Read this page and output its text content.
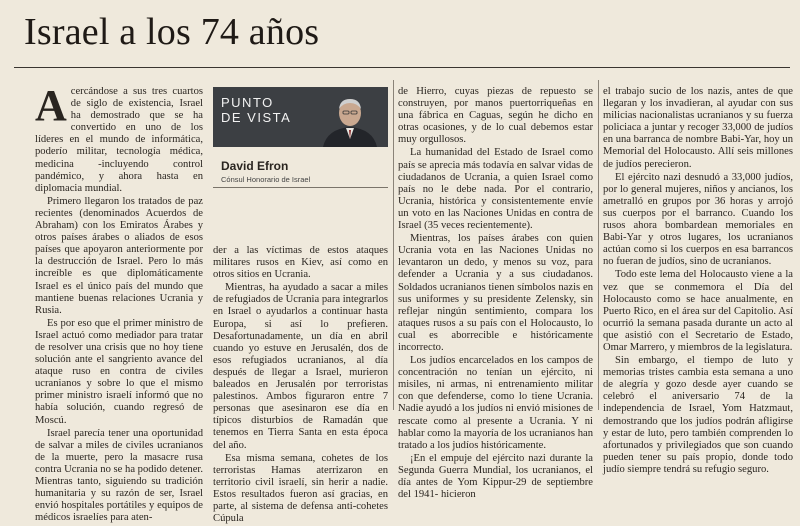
Israel a los 74 años

Acercándose a sus tres cuartos de siglo de existencia, Israel ha demostrado que se ha convertido en uno de los líderes en el mundo de informática, poderío militar, tecnología médica, medicina -incluyendo control pandémico, y ahora hasta en diplomacia mundial.

Primero llegaron los tratados de paz recientes (denominados Acuerdos de Abraham) con los Emiratos Árabes y otros países árabes o aliados de esos países que apoyaron anteriormente por la destrucción de Israel. Pero lo más increíble es que diplomáticamente Israel es el único país del mundo que mantiene buenas relaciones Ucrania y Rusia.

Es por eso que el primer ministro de Israel actuó como mediador para tratar de resolver una crisis que no hoy tiene solución ante el sangriento avance del ataque ruso en contra de civiles ucranianos y sobre lo que el mismo primer ministro israelí informó que no había solución, cuando regresó de Moscú.

Israel parecía tener una oportunidad de salvar a miles de civiles ucranianos de la muerte, pero la masacre rusa contra Ucrania no se ha podido detener. Mientras tanto, siguiendo su tradición humanitaria y su razón de ser, Israel envió hospitales portátiles y equipos de médicos israelíes para aten-

PUNTO
DE VISTA
David Efron
Cónsul Honorario de Israel

der a las víctimas de estos ataques militares rusos en Kiev, así como en otros sitios en Ucrania.

Mientras, ha ayudado a sacar a miles de refugiados de Ucrania para integrarlos en Israel o ayudarlos a continuar hasta Europa, si así lo prefieren. Desafortunadamente, un día en abril cuando yo estuve en Jerusalén, dos de esos refugiados ucranianos, al día después de llegar a Israel, murieron baleados en Jerusalén por terroristas palestinos. Ambos figuraron entre 7 personas que asesinaron ese día en típicos disturbios de Ramadán que tenemos en Tierra Santa en esta época del año.

Esa misma semana, cohetes de los terroristas Hamas aterrizaron en territorio civil israelí, sin herir a nadie. Estos resultados fueron así gracias, en parte, al sistema de defensa anti-cohetes Cúpula

de Hierro, cuyas piezas de repuesto se construyen, por manos puertorriqueñas en una fábrica en Caguas, según he dicho en otras ocasiones, y de lo cual debemos estar muy orgullosos.

La humanidad del Estado de Israel como país se aprecia más todavía en salvar vidas de ciudadanos de Ucrania, a quien Israel como país no le debe nada. Por el contrario, Ucrania, histórica y consistentemente envíe un voto en las Naciones Unidas en contra de Israel (35 veces recientemente).

Mientras, los países árabes con quien Ucrania vota en las Naciones Unidas no levantaron un dedo, y menos su voz, para defender a Ucrania y a sus ciudadanos. Soldados ucranianos tienen símbolos nazis en sus uniformes y su presidente Zelensky, sin reflejar ningún sentimiento, compara los ataques rusos a su país con el Holocausto, lo cual es aborrecible e históricamente incorrecto.

Los judíos encarcelados en los campos de concentración no tenían un ejército, ni misiles, ni armas, ni entrenamiento militar con que defenderse, como lo tiene Ucrania. Nadie ayudó a los judíos ni envió misiones de rescate como al presente a Ucrania. Y ni hablar como la mayoría de los ucranianos han tratado a los judíos históricamente.

¡En el empuje del ejército nazi durante la Segunda Guerra Mundial, los ucranianos, el día antes de Yom Kippur-29 de septiembre del 1941- hicieron

el trabajo sucio de los nazis, antes de que llegaran y los invadieran, al ayudar con sus milicias nacionalistas ucranianos y su fuerza policiaca a juntar y recoger 33,000 de judíos en una barranca de nombre Babi-Yar, hoy un Memorial del Holocausto. Allí seis millones de judíos perecieron.

El ejército nazi desnudó a 33,000 judíos, por lo general mujeres, niños y ancianos, los ametralló en grupos por 36 horas y arrojó sus cuerpos por el barranco. Cuando los rusos ahora bombardean memoriales en Babi-Yar y otros lugares, los ucranianos actúan como si los cuerpos en esa barrancos no fueran de judíos, sino de ucranianos.

Todo este lema del Holocausto viene a la vez que se conmemora el Día del Holocausto como se hace anualmente, en Puerto Rico, en el área sur del Capitolio. Así ocurrió la semana pasada durante un acto al que asistió con el Secretario de Estado, Omar Marrero, y miembros de la legislatura.

Sin embargo, el tiempo de luto y memorias tristes cambia esta semana a uno de alegría y gozo desde ayer cuando se celebró el aniversario 74 de la independencia de Israel, Yom Hatzmaut, demostrando que los judíos podrán afligirse y estar de luto, pero también comprenden lo afortunados y privilegiados que son cuando pueden tener su país propio, donde todo judío siempre tendrá su refugio seguro.
